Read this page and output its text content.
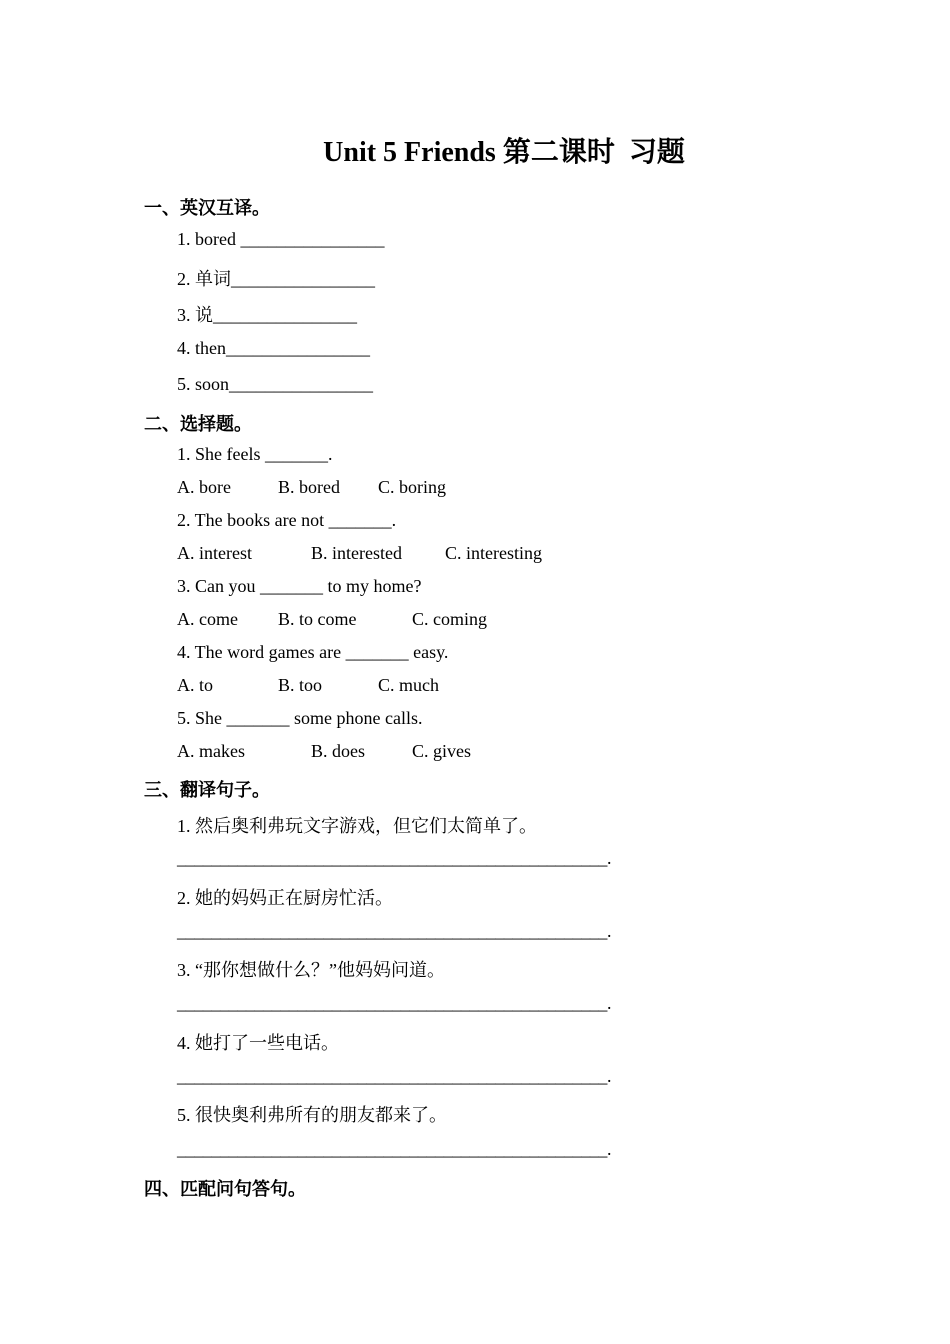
Unit 5 Friends 第二课时  习题
一、英汉互译。
1. bored ________________
2. 单词________________
3. 说________________
4. then________________
5. soon________________
二、选择题。
1. She feels _______.
A. bore	B. bored C. boring
2. The books are not _______.
A. interest	B. interested C. interesting
3. Can you _______ to my home?
A. come B. to come	C. coming
4. The word games are _______ easy.
A. to	B. too	C. much
5. She _______ some phone calls.
A. makes	B. does	C. gives
三、翻译句子。
1. 然后奥利弗玩文字游戏，但它们太简单了。
__________________________________________________.
2. 她的妈妈正在厨房忙活。
__________________________________________________.
3. “那你想做什么？”他妈妈问道。
__________________________________________________.
4. 她打了一些电话。
__________________________________________________.
5. 很快奥利弗所有的朋友都来了。
__________________________________________________.
四、匹配问句答句。
